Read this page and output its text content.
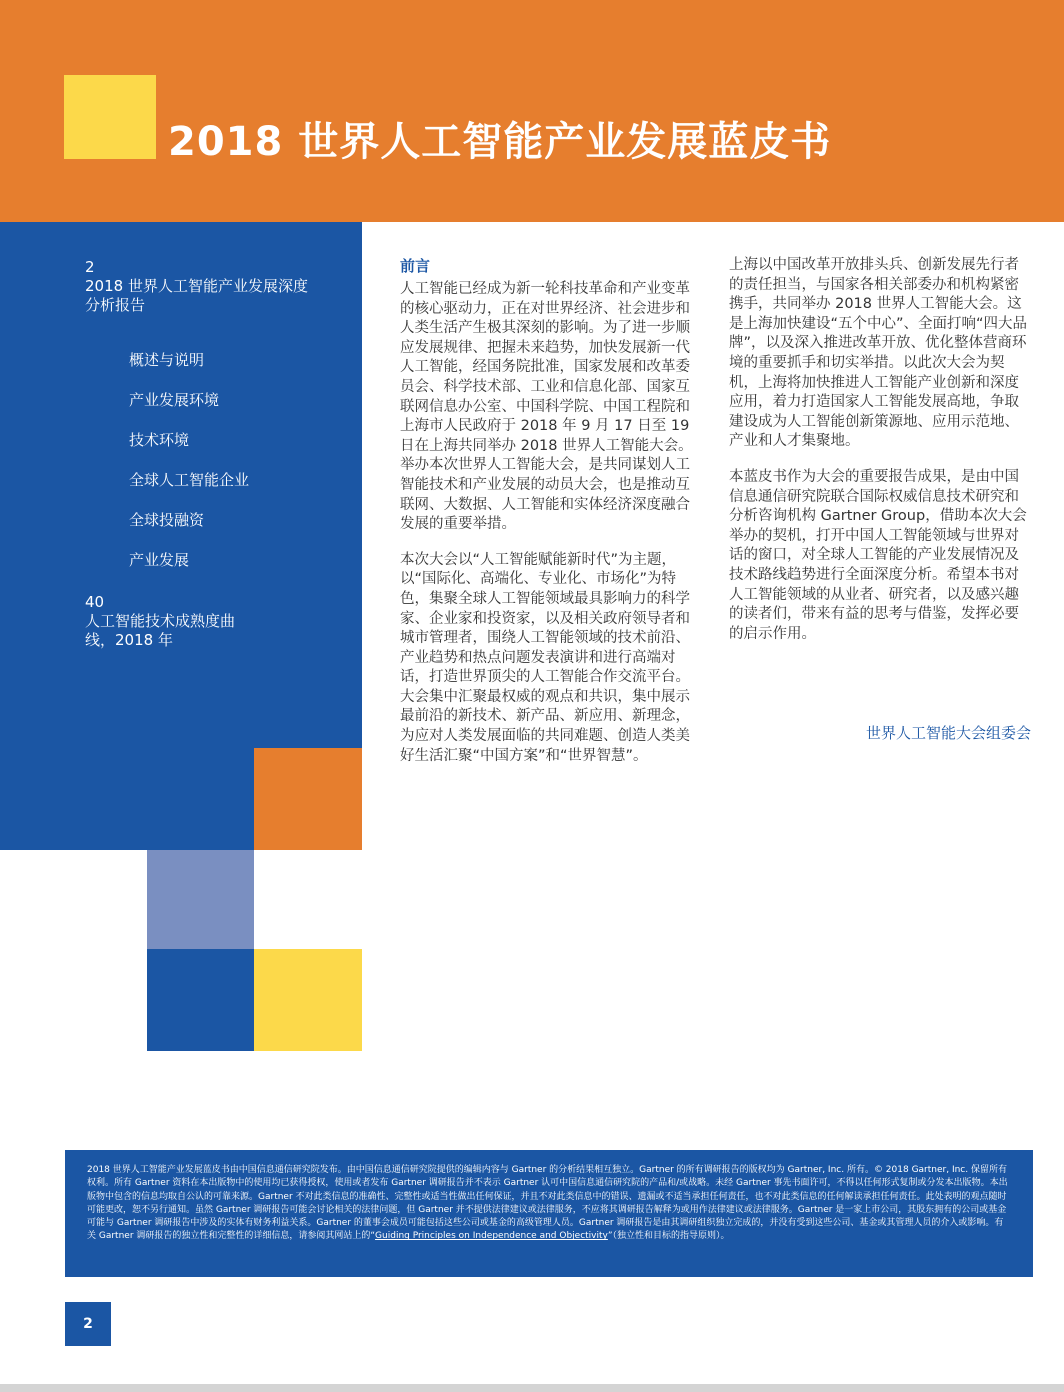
2018 世界人工智能产业发展蓝皮书
2
2018 世界人工智能产业发展深度分析报告
概述与说明
产业发展环境
技术环境
全球人工智能企业
全球投融资
产业发展
40
人工智能技术成熟度曲线，2018 年
前言

人工智能已经成为新一轮科技革命和产业变革的核心驱动力，正在对世界经济、社会进步和人类生活产生极其深刻的影响。为了进一步顺应发展规律、把握未来趋势，加快发展新一代人工智能，经国务院批准，国家发展和改革委员会、科学技术部、工业和信息化部、国家互联网信息办公室、中国科学院、中国工程院和上海市人民政府于 2018 年 9 月 17 日至 19 日在上海共同举办 2018 世界人工智能大会。举办本次世界人工智能大会，是共同谋划人工智能技术和产业发展的动员大会，也是推动互联网、大数据、人工智能和实体经济深度融合发展的重要举措。

本次大会以“人工智能赋能新时代”为主题，以“国际化、高端化、专业化、市场化”为特色，集聚全球人工智能领域最具影响力的科学家、企业家和投资家，以及相关政府领导者和城市管理者，围绕人工智能领域的技术前沿、产业趋势和热点问题发表演讲和进行高端对话，打造世界顶尖的人工智能合作交流平台。大会集中汇聚最权威的观点和共识，集中展示最前沿的新技术、新产品、新应用、新理念，为应对人类发展面临的共同难题、创造人类美好生活汇聚“中国方案”和“世界智慧”。

上海以中国改革开放排头兵、创新发展先行者的责任担当，与国家各相关部委办和机构紧密携手，共同举办 2018 世界人工智能大会。这是上海加快建设“五个中心”、全面打响“四大品牌”，以及深入推进改革开放、优化整体营商环境的重要抓手和切实举措。以此次大会为契机，上海将加快推进人工智能产业创新和深度应用，着力打造国家人工智能发展高地，争取建设成为人工智能创新策源地、应用示范地、产业和人才集聚地。

本蓝皮书作为大会的重要报告成果，是由中国信息通信研究院联合国际权威信息技术研究和分析咨询机构 Gartner Group，借助本次大会举办的契机，打开中国人工智能领域与世界对话的窗口，对全球人工智能的产业发展情况及技术路线趋势进行全面深度分析。希望本书对人工智能领域的从业者、研究者，以及感兴趣的读者们，带来有益的思考与借鉴，发挥必要的启示作用。

世界人工智能大会组委会

2018 世界人工智能产业发展蓝皮书由中国信息通信研究院发布。由中国信息通信研究院提供的编辑内容与 Gartner 的分析结果相互独立。Gartner 的所有调研报告的版权均为 Gartner, Inc. 所有。© 2018 Gartner, Inc. 保留所有权利。所有 Gartner 资料在本出版物中的使用均已获得授权，使用或者发布 Gartner 调研报告并不表示 Gartner 认可中国信息通信研究院的产品和/或战略。未经 Gartner 事先书面许可，不得以任何形式复制或分发本出版物。本出版物中包含的信息均取自公认的可靠来源。Gartner 不对此类信息的准确性、完整性或适当性做出任何保证，并且不对此类信息中的错误、遗漏或不适当承担任何责任，也不对此类信息的任何解读承担任何责任。此处表明的观点随时可能更改，恕不另行通知。虽然 Gartner 调研报告可能会讨论相关的法律问题，但 Gartner 并不提供法律建议或法律服务，不应将其调研报告解释为或用作法律建议或法律服务。Gartner 是一家上市公司，其股东拥有的公司或基金可能与 Gartner 调研报告中涉及的实体有财务利益关系。Gartner 的董事会成员可能包括这些公司或基金的高级管理人员。Gartner 调研报告是由其调研组织独立完成的，并没有受到这些公司、基金或其管理人员的介入或影响。有关 Gartner 调研报告的独立性和完整性的详细信息，请参阅其网站上的“Guiding Principles on Independence and Objectivity”（独立性和目标的指导原则）。

2
